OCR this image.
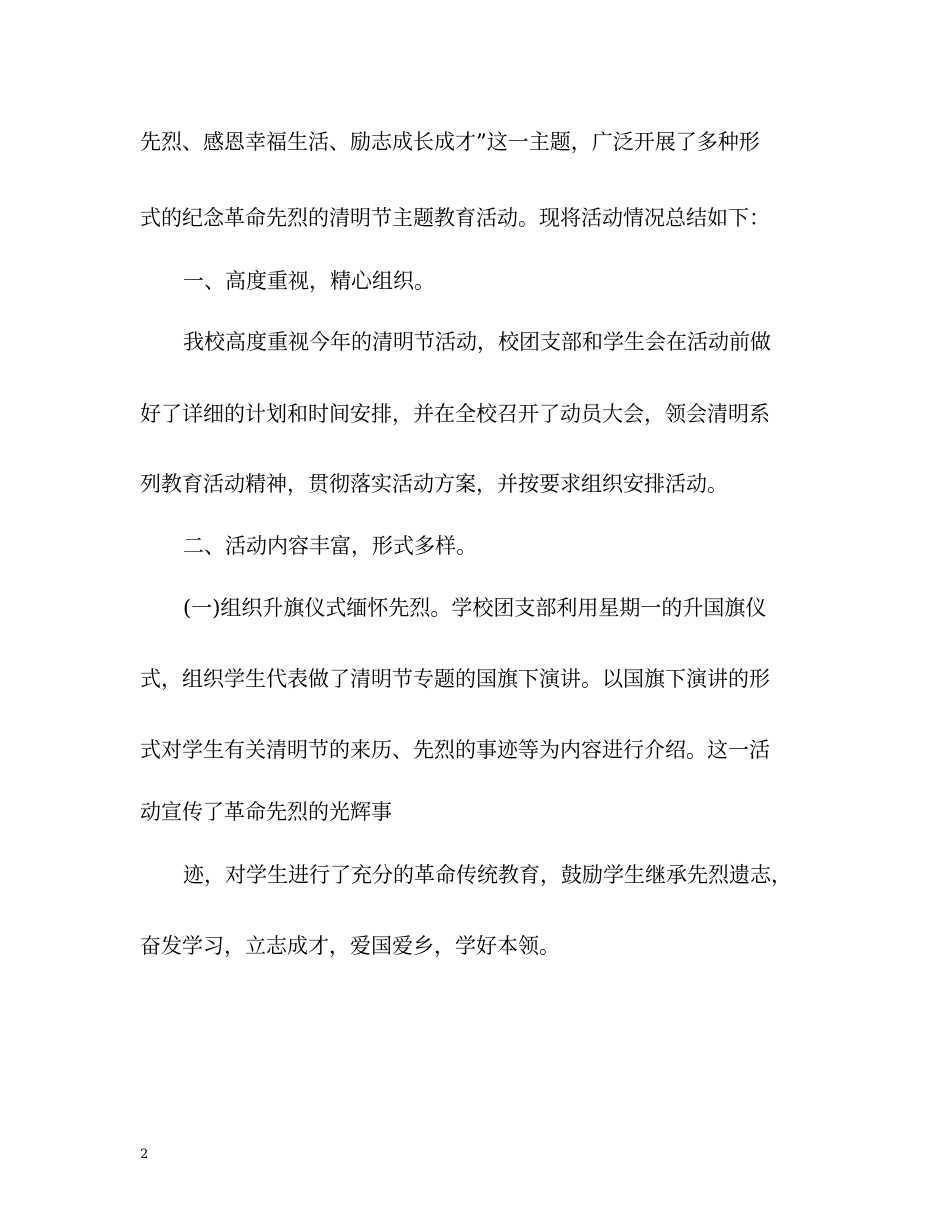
先烈、感恩幸福生活、励志成长成才”这一主题，广泛开展了多种形
式的纪念革命先烈的清明节主题教育活动。现将活动情况总结如下：
一、高度重视，精心组织。
我校高度重视今年的清明节活动，校团支部和学生会在活动前做
好了详细的计划和时间安排，并在全校召开了动员大会，领会清明系
列教育活动精神，贯彻落实活动方案，并按要求组织安排活动。
二、活动内容丰富，形式多样。
(一)组织升旗仪式缅怀先烈。学校团支部利用星期一的升国旗仪
式，组织学生代表做了清明节专题的国旗下演讲。以国旗下演讲的形
式对学生有关清明节的来历、先烈的事迹等为内容进行介绍。这一活
动宣传了革命先烈的光辉事
迹，对学生进行了充分的革命传统教育，鼓励学生继承先烈遗志，
奋发学习，立志成才，爱国爱乡，学好本领。
2
